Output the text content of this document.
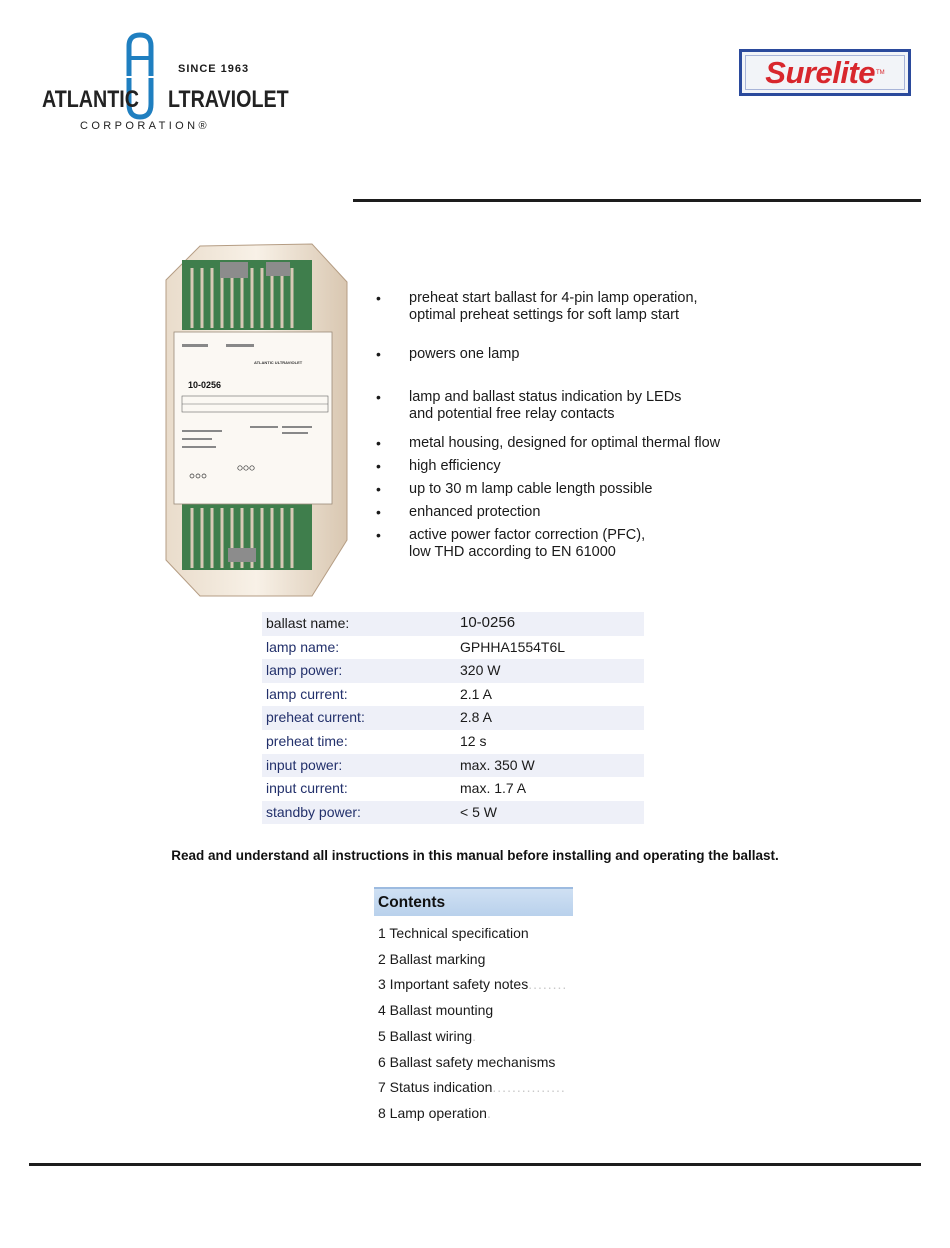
SINCE 1963
ATLANTIC LTRAVIOLET
CORPORATION®
Surelite TM
10-0256
ATLANTIC ULTRAVIOLET
• preheat start ballast for 4-pin lamp operation,
optimal preheat settings for soft lamp start
• powers one lamp
• lamp and ballast status indication by LEDs
and potential free relay contacts
• metal housing, designed for optimal thermal flow
• high efficiency
• up to 30 m lamp cable length possible
• enhanced protection
• active power factor correction (PFC),
low THD according to EN 61000
ballast name:	10-0256
lamp name:	GPHHA1554T6L
lamp power:	320 W
lamp current:	2.1 A
preheat current:	2.8 A
preheat time:	12 s
input power:	max. 350 W
input current:	max. 1.7 A
standby power:	< 5 W
Read and understand all instructions in this manual before installing and operating the ballast.
Contents
1 Technical specification
2 Ballast marking
3 Important safety notes........
4 Ballast mounting
5 Ballast wiring.
6 Ballast safety mechanisms
7 Status indication...............
8 Lamp operation.
